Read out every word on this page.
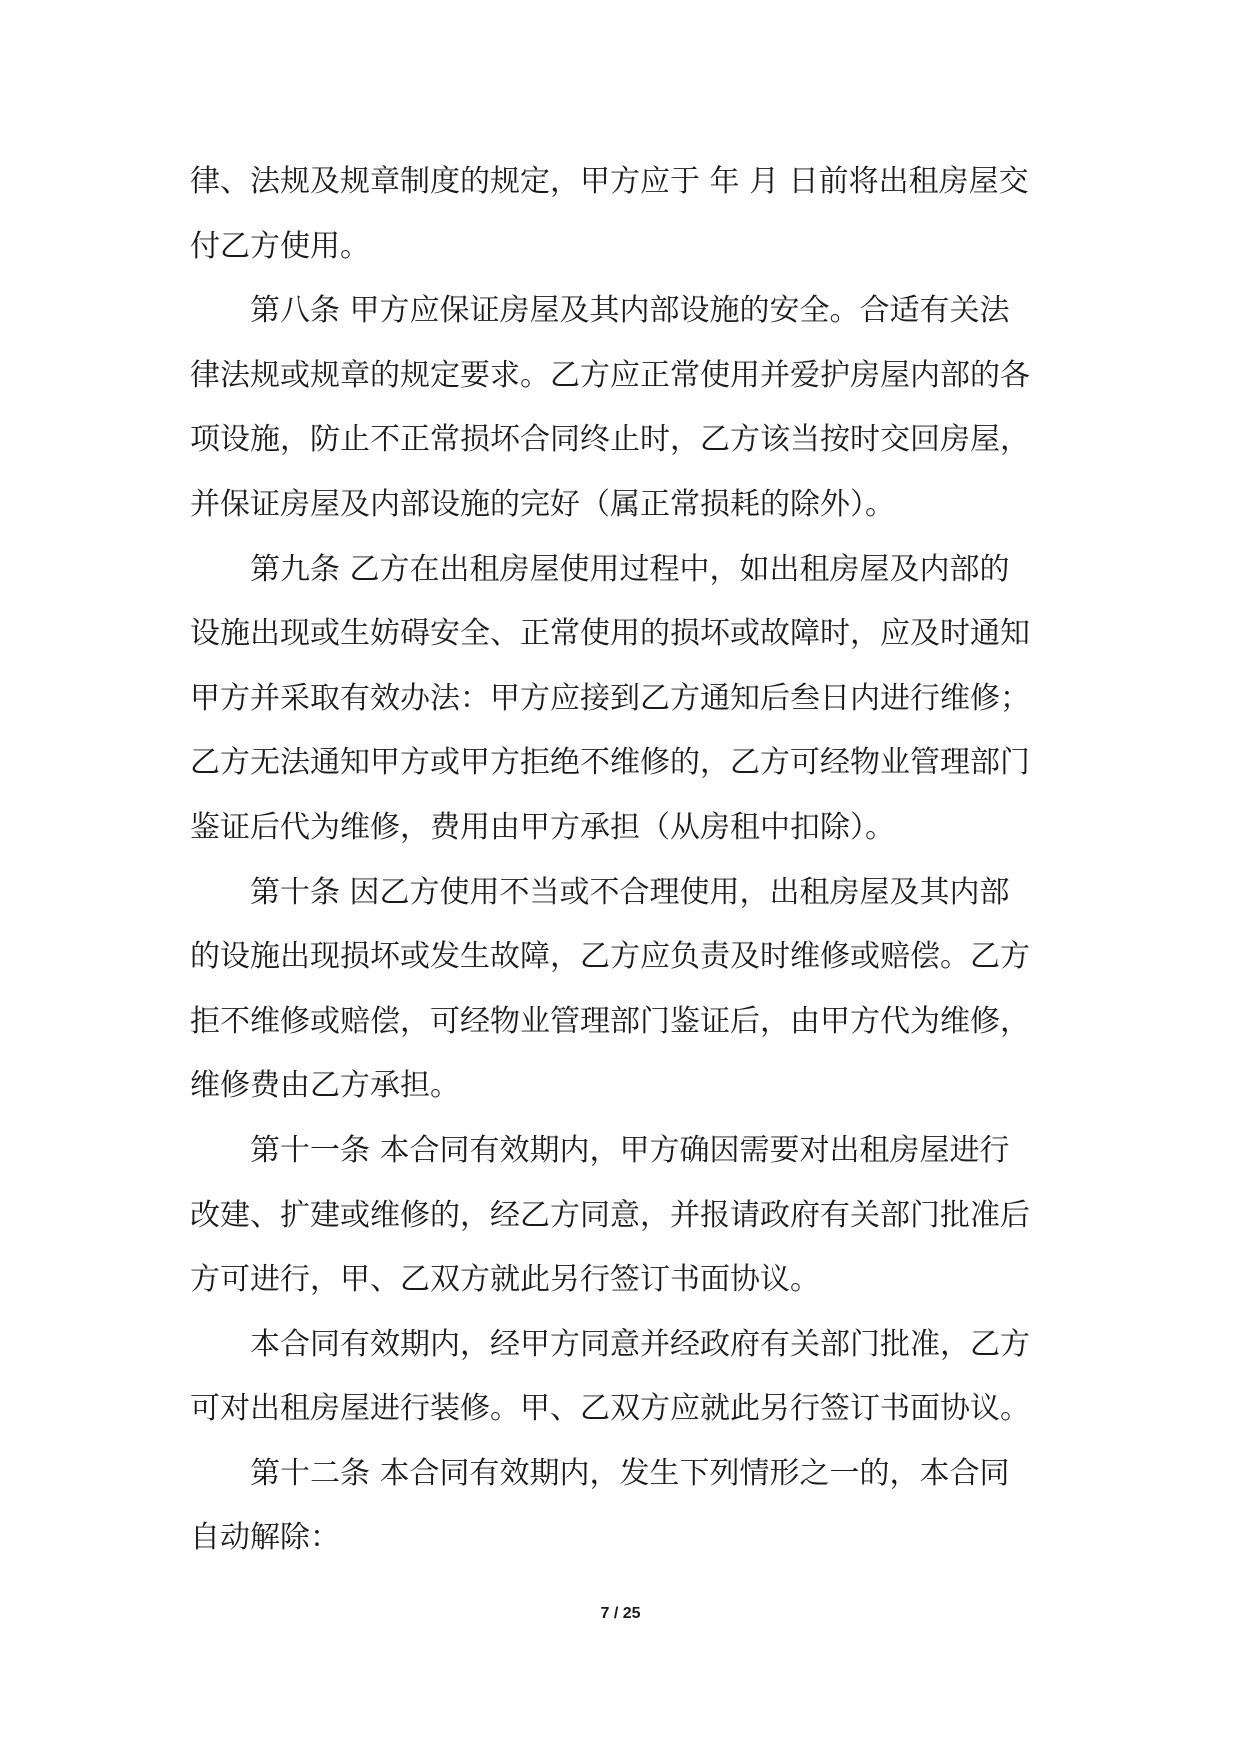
律、法规及规章制度的规定，甲方应于 年 月 日前将出租房屋交
付乙方使用。
第八条 甲方应保证房屋及其内部设施的安全。合适有关法
律法规或规章的规定要求。乙方应正常使用并爱护房屋内部的各
项设施，防止不正常损坏合同终止时，乙方该当按时交回房屋，
并保证房屋及内部设施的完好（属正常损耗的除外）。
第九条 乙方在出租房屋使用过程中，如出租房屋及内部的
设施出现或生妨碍安全、正常使用的损坏或故障时，应及时通知
甲方并采取有效办法：甲方应接到乙方通知后叁日内进行维修；
乙方无法通知甲方或甲方拒绝不维修的，乙方可经物业管理部门
鉴证后代为维修，费用由甲方承担（从房租中扣除）。
第十条 因乙方使用不当或不合理使用，出租房屋及其内部
的设施出现损坏或发生故障，乙方应负责及时维修或赔偿。乙方
拒不维修或赔偿，可经物业管理部门鉴证后，由甲方代为维修，
维修费由乙方承担。
第十一条 本合同有效期内，甲方确因需要对出租房屋进行
改建、扩建或维修的，经乙方同意，并报请政府有关部门批准后
方可进行，甲、乙双方就此另行签订书面协议。
本合同有效期内，经甲方同意并经政府有关部门批准，乙方
可对出租房屋进行装修。甲、乙双方应就此另行签订书面协议。
第十二条 本合同有效期内，发生下列情形之一的，本合同
自动解除：
7 / 25
